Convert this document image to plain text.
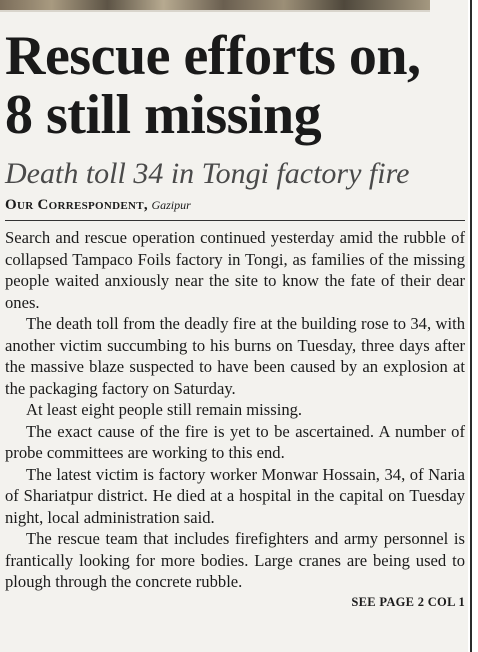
Rescue efforts on,
8 still missing
Death toll 34 in Tongi factory fire
Our Correspondent, Gazipur

Search and rescue operation continued yesterday amid the rubble of collapsed Tampaco Foils factory in Tongi, as families of the missing people waited anxiously near the site to know the fate of their dear ones.

The death toll from the deadly fire at the building rose to 34, with another victim succumbing to his burns on Tuesday, three days after the massive blaze suspected to have been caused by an explosion at the packaging factory on Saturday.

At least eight people still remain missing.

The exact cause of the fire is yet to be ascertained. A number of probe committees are working to this end.

The latest victim is factory worker Monwar Hossain, 34, of Naria of Shariatpur district. He died at a hospital in the capital on Tuesday night, local administration said.

The rescue team that includes firefighters and army personnel is frantically looking for more bodies. Large cranes are being used to plough through the concrete rubble.

SEE PAGE 2 COL 1
